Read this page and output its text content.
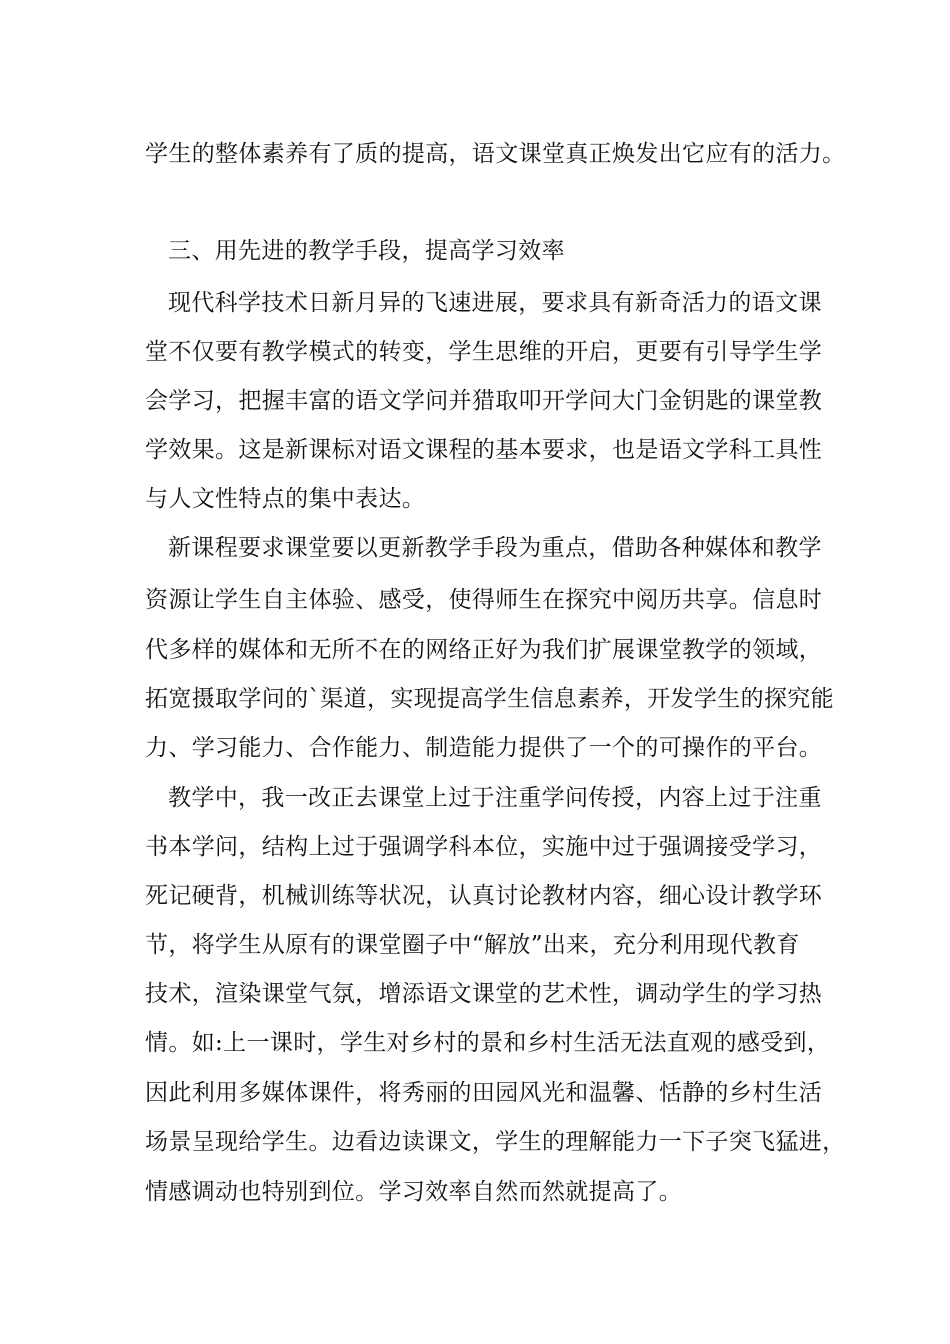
学生的整体素养有了质的提高，语文课堂真正焕发出它应有的活力。
三、用先进的教学手段，提高学习效率
现代科学技术日新月异的飞速进展，要求具有新奇活力的语文课
堂不仅要有教学模式的转变，学生思维的开启，更要有引导学生学
会学习，把握丰富的语文学问并猎取叩开学问大门金钥匙的课堂教
学效果。这是新课标对语文课程的基本要求，也是语文学科工具性
与人文性特点的集中表达。
新课程要求课堂要以更新教学手段为重点，借助各种媒体和教学
资源让学生自主体验、感受，使得师生在探究中阅历共享。信息时
代多样的媒体和无所不在的网络正好为我们扩展课堂教学的领域，
拓宽摄取学问的`渠道，实现提高学生信息素养，开发学生的探究能
力、学习能力、合作能力、制造能力提供了一个的可操作的平台。
教学中，我一改正去课堂上过于注重学问传授，内容上过于注重
书本学问，结构上过于强调学科本位，实施中过于强调接受学习，
死记硬背，机械训练等状况，认真讨论教材内容，细心设计教学环
节，将学生从原有的课堂圈子中“解放”出来，充分利用现代教育
技术，渲染课堂气氛，增添语文课堂的艺术性，调动学生的学习热
情。如:上一课时，学生对乡村的景和乡村生活无法直观的感受到，
因此利用多媒体课件，将秀丽的田园风光和温馨、恬静的乡村生活
场景呈现给学生。边看边读课文，学生的理解能力一下子突飞猛进，
情感调动也特别到位。学习效率自然而然就提高了。
